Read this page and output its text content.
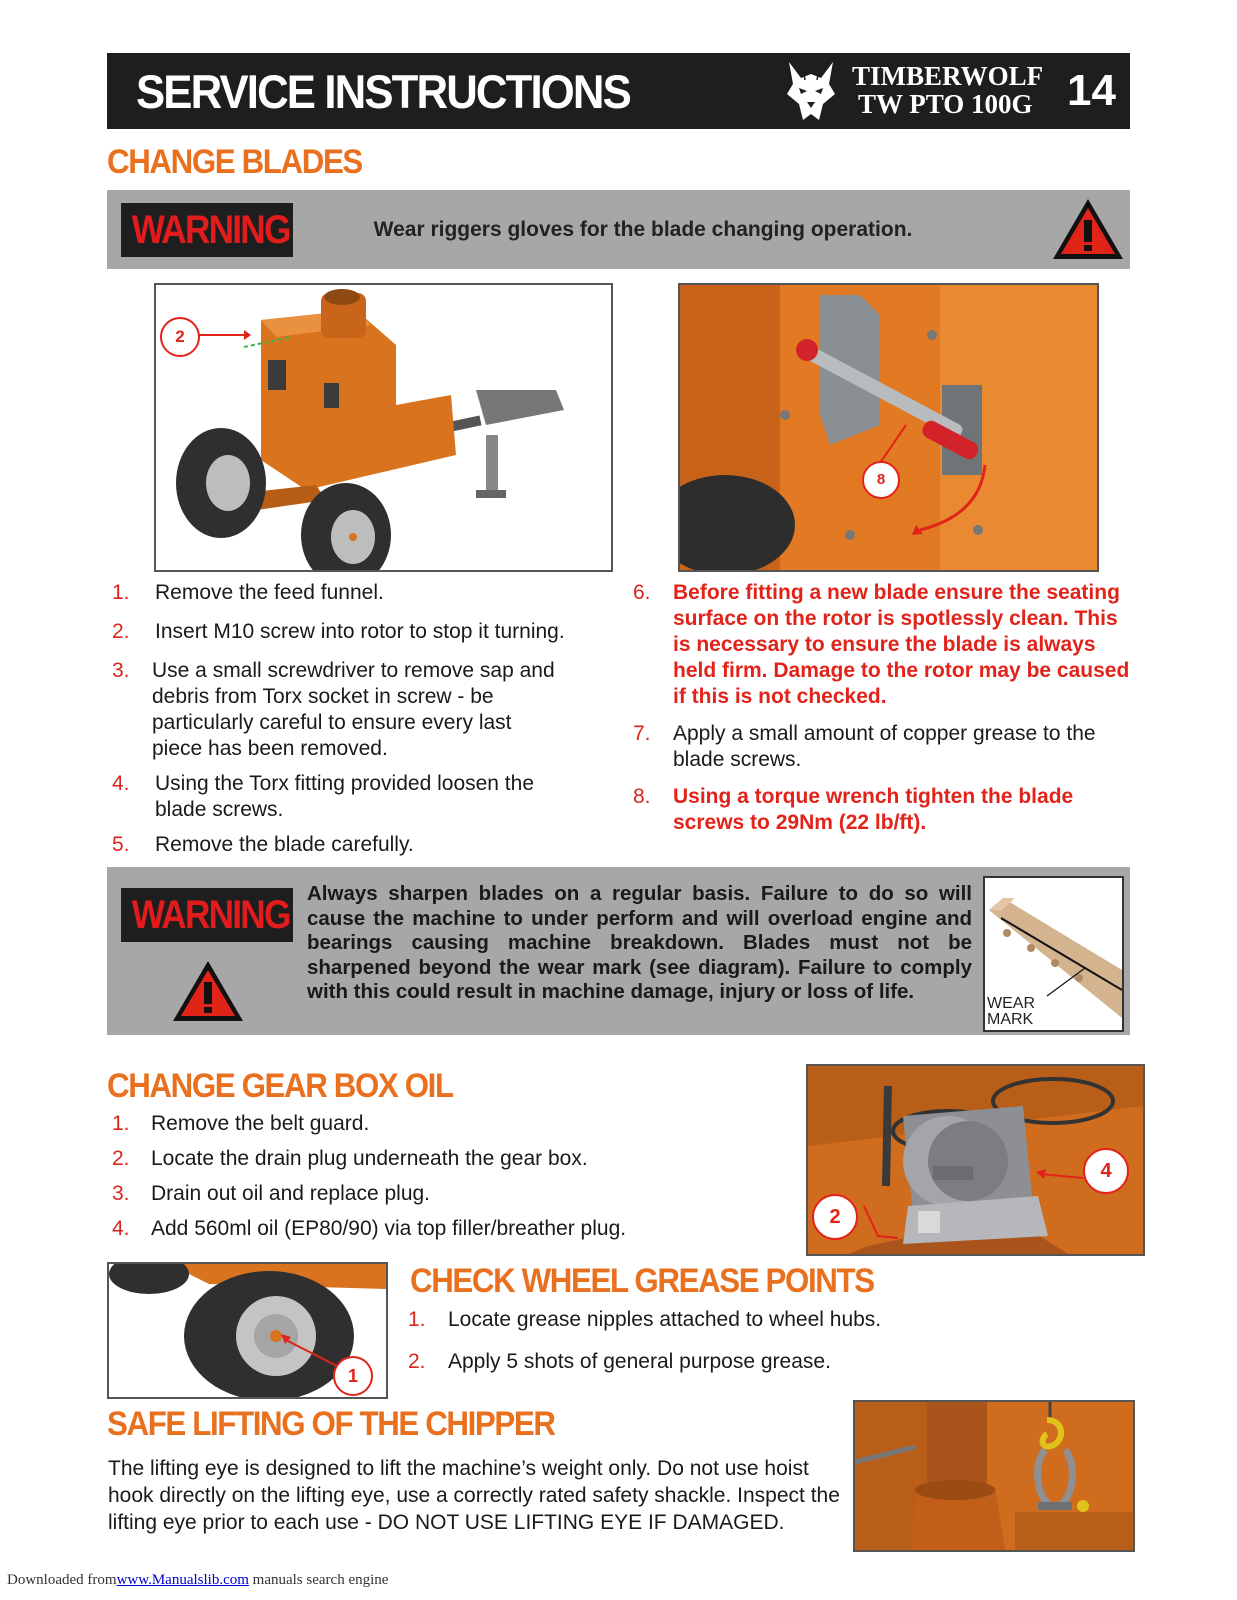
SERVICE INSTRUCTIONS	TIMBERWOLF
TW PTO 100G 14
CHANGE BLADES
WARNING	Wear riggers gloves for the blade changing operation.
2
8
1. Remove the feed funnel.
2. Insert M10 screw into rotor to stop it turning.
3. Use a small screwdriver to remove sap and debris from Torx socket in screw - be particularly careful to ensure every last piece has been removed.
4. Using the Torx fitting provided loosen the blade screws.
5. Remove the blade carefully.
6. Before fitting a new blade ensure the seating surface on the rotor is spotlessly clean. This is necessary to ensure the blade is always held firm. Damage to the rotor may be caused if this is not checked.
7. Apply a small amount of copper grease to the blade screws.
8. Using a torque wrench tighten the blade screws to 29Nm (22 lb/ft).
WARNING Always sharpen blades on a regular basis. Failure to do so will cause the machine to under perform and will overload engine and bearings causing machine breakdown. Blades must not be sharpened beyond the wear mark (see diagram). Failure to comply with this could result in machine damage, injury or loss of life.
WEAR
MARK
CHANGE GEAR BOX OIL
1. Remove the belt guard.
2. Locate the drain plug underneath the gear box.
3. Drain out oil and replace plug.
4. Add 560ml oil (EP80/90) via top filler/breather plug.
4
2
1
CHECK WHEEL GREASE POINTS
1. Locate grease nipples attached to wheel hubs.
2. Apply 5 shots of general purpose grease.
SAFE LIFTING OF THE CHIPPER
The lifting eye is designed to lift the machine’s weight only. Do not use hoist hook directly on the lifting eye, use a correctly rated safety shackle. Inspect the lifting eye prior to each use - DO NOT USE LIFTING EYE IF DAMAGED.
Downloaded fromwww.Manualslib.com manuals search engine
